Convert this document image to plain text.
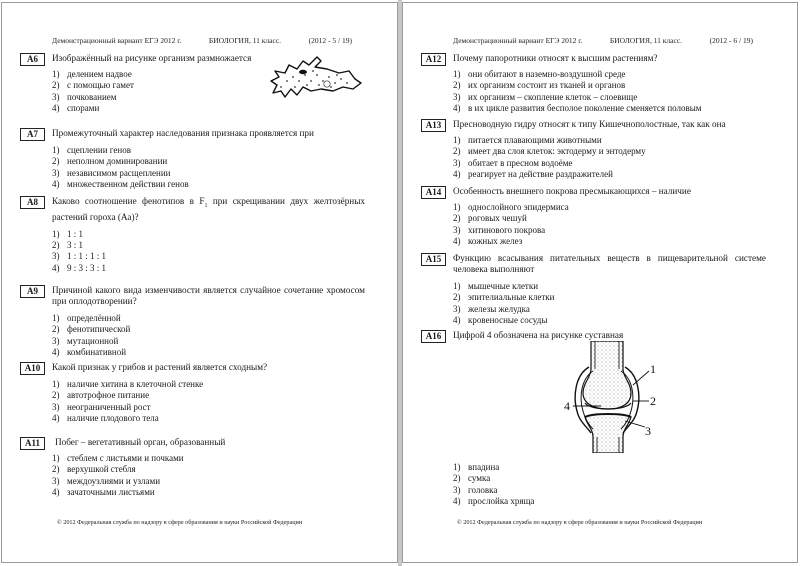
Демонстрационный вариант ЕГЭ 2012 г.	БИОЛОГИЯ, 11 класс.	(2012 - 5 / 19)
A6	Изображённый на рисунке организм размножается
1) делением надвое
2) с помощью гамет
3) почкованием
4) спорами
A7	Промежуточный характер наследования признака проявляется при
1) сцеплении генов
2) неполном доминировании
3) независимом расщеплении
4) множественном действии генов
A8	Каково соотношение фенотипов в $F_1$ при скрещивании двух желтозёрных растений гороха (Аа)?
1) 1 : 1
2) 3 : 1
3) 1 : 1 : 1 : 1
4) 9 : 3 : 3 : 1
A9	Причиной какого вида изменчивости является случайное сочетание хромосом при оплодотворении?
1) определённой
2) фенотипической
3) мутационной
4) комбинативной
A10	Какой признак у грибов и растений является сходным?
1) наличие хитина в клеточной стенке
2) автотрофное питание
3) неограниченный рост
4) наличие плодового тела
A11	Побег – вегетативный орган, образованный
1) стеблем с листьями и почками
2) верхушкой стебля
3) междоузлиями и узлами
4) зачаточными листьями
© 2012 Федеральная служба по надзору в сфере образования и науки Российской Федерации
Демонстрационный вариант ЕГЭ 2012 г.	БИОЛОГИЯ, 11 класс.	(2012 - 6 / 19)
A12	Почему папоротники относят к высшим растениям?
1) они обитают в наземно-воздушной среде
2) их организм состоит из тканей и органов
3) их организм – скопление клеток – слоевище
4) в их цикле развития бесполое поколение сменяется половым
A13	Пресноводную гидру относят к типу Кишечнополостные, так как она
1) питается плавающими животными
2) имеет два слоя клеток: эктодерму и энтодерму
3) обитает в пресном водоёме
4) реагирует на действие раздражителей
A14	Особенность внешнего покрова пресмыкающихся – наличие
1) однослойного эпидермиса
2) роговых чешуй
3) хитинового покрова
4) кожных желез
A15	Функцию всасывания питательных веществ в пищеварительной системе человека выполняют
1) мышечные клетки
2) эпителиальные клетки
3) железы желудка
4) кровеносные сосуды
A16	Цифрой 4 обозначена на рисунке суставная
1
2
3
4
1) впадина
2) сумка
3) головка
4) прослойка хряща
© 2012 Федеральная служба по надзору в сфере образования и науки Российской Федерации
